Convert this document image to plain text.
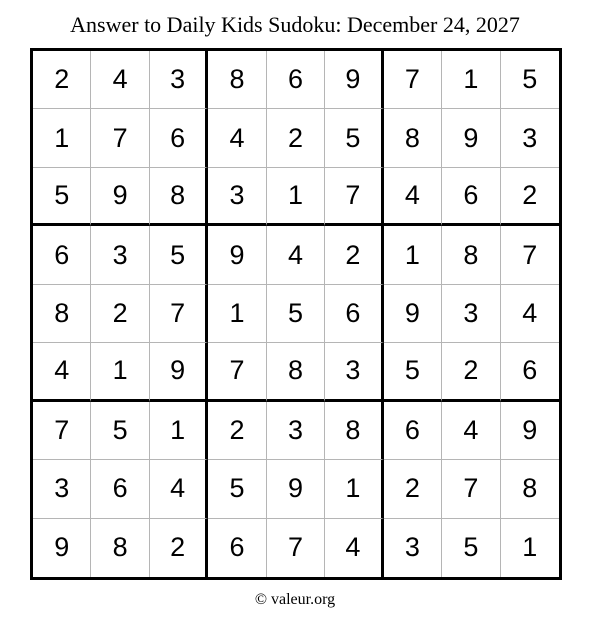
Answer to Daily Kids Sudoku: December 24, 2027
2	4	3	8	6	9	7	1	5
1	7	6	4	2	5	8	9	3
5	9	8	3	1	7	4	6	2
6	3	5	9	4	2	1	8	7
8	2	7	1	5	6	9	3	4
4	1	9	7	8	3	5	2	6
7	5	1	2	3	8	6	4	9
3	6	4	5	9	1	2	7	8
9	8	2	6	7	4	3	5	1
© valeur.org
